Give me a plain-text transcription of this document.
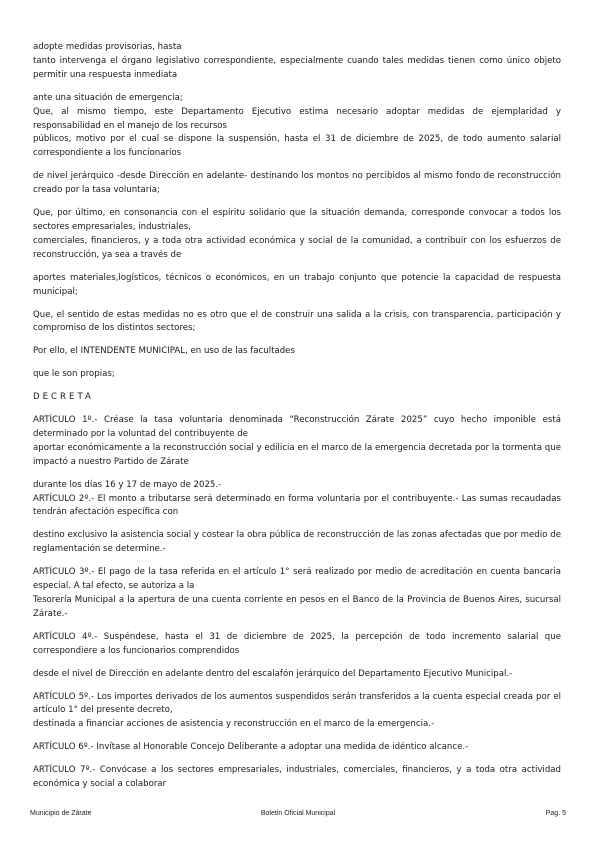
adopte medidas provisorias, hasta

tanto intervenga el órgano legislativo correspondiente, especialmente cuando tales medidas tienen como único objeto permitir una respuesta inmediata

ante una situación de emergencia;

Que, al mismo tiempo, este Departamento Ejecutivo estima necesario adoptar medidas de ejemplaridad y responsabilidad en el manejo de los recursos

públicos, motivo por el cual se dispone la suspensión, hasta el 31 de diciembre de 2025, de todo aumento salarial correspondiente a los funcionarios

de nivel jerárquico -desde Dirección en adelante- destinando los montos no percibidos al mismo fondo de reconstrucción creado por la tasa voluntaria;

Que, por último, en consonancia con el espíritu solidario que la situación demanda, corresponde convocar a todos los sectores empresariales, industriales,

comerciales, financieros, y a toda otra actividad económica y social de la comunidad, a contribuir con los esfuerzos de reconstrucción, ya sea a través de

aportes materiales,logísticos, técnicos o económicos, en un trabajo conjunto que potencie la capacidad de respuesta municipal;

Que, el sentido de estas medidas no es otro que el de construir una salida a la crisis, con transparencia, participación y compromiso de los distintos sectores;

Por ello, el INTENDENTE MUNICIPAL, en uso de las facultades

que le son propias;

DECRETA

ARTÍCULO 1º.- Créase la tasa voluntaria denominada “Reconstrucción Zárate 2025” cuyo hecho imponible está determinado por la voluntad del contribuyente de

aportar económicamente a la reconstrucción social y edilicia en el marco de la emergencia decretada por la tormenta que impactó a nuestro Partido de Zárate

durante los días 16 y 17 de mayo de 2025.-

ARTÍCULO 2º.- El monto a tributarse será determinado en forma voluntaria por el contribuyente.- Las sumas recaudadas tendrán afectación específica con

destino exclusivo la asistencia social y costear la obra pública de reconstrucción de las zonas afectadas que por medio de reglamentación se determine.-

ARTÍCULO 3º.- El pago de la tasa referida en el artículo 1° será realizado por medio de acreditación en cuenta bancaria especial. A tal efecto, se autoriza a la

Tesorería Municipal a la apertura de una cuenta corriente en pesos en el Banco de la Provincia de Buenos Aires, sucursal Zárate.-

ARTÍCULO 4º.- Suspéndese, hasta el 31 de diciembre de 2025, la percepción de todo incremento salarial que correspondiere a los funcionarios comprendidos

desde el nivel de Dirección en adelante dentro del escalafón jerárquico del Departamento Ejecutivo Municipal.-

ARTÍCULO 5º.- Los importes derivados de los aumentos suspendidos serán transferidos a la cuenta especial creada por el artículo 1° del presente decreto,

destinada a financiar acciones de asistencia y reconstrucción en el marco de la emergencia.-

ARTÍCULO 6º.- Invítase al Honorable Concejo Deliberante a adoptar una medida de idéntico alcance.-

ARTÍCULO 7º.- Convócase a los sectores empresariales, industriales, comerciales, financieros, y a toda otra actividad económica y social a colaborar

Municipio de Zárate	Boletin Oficial Municipal	Pag. 5
